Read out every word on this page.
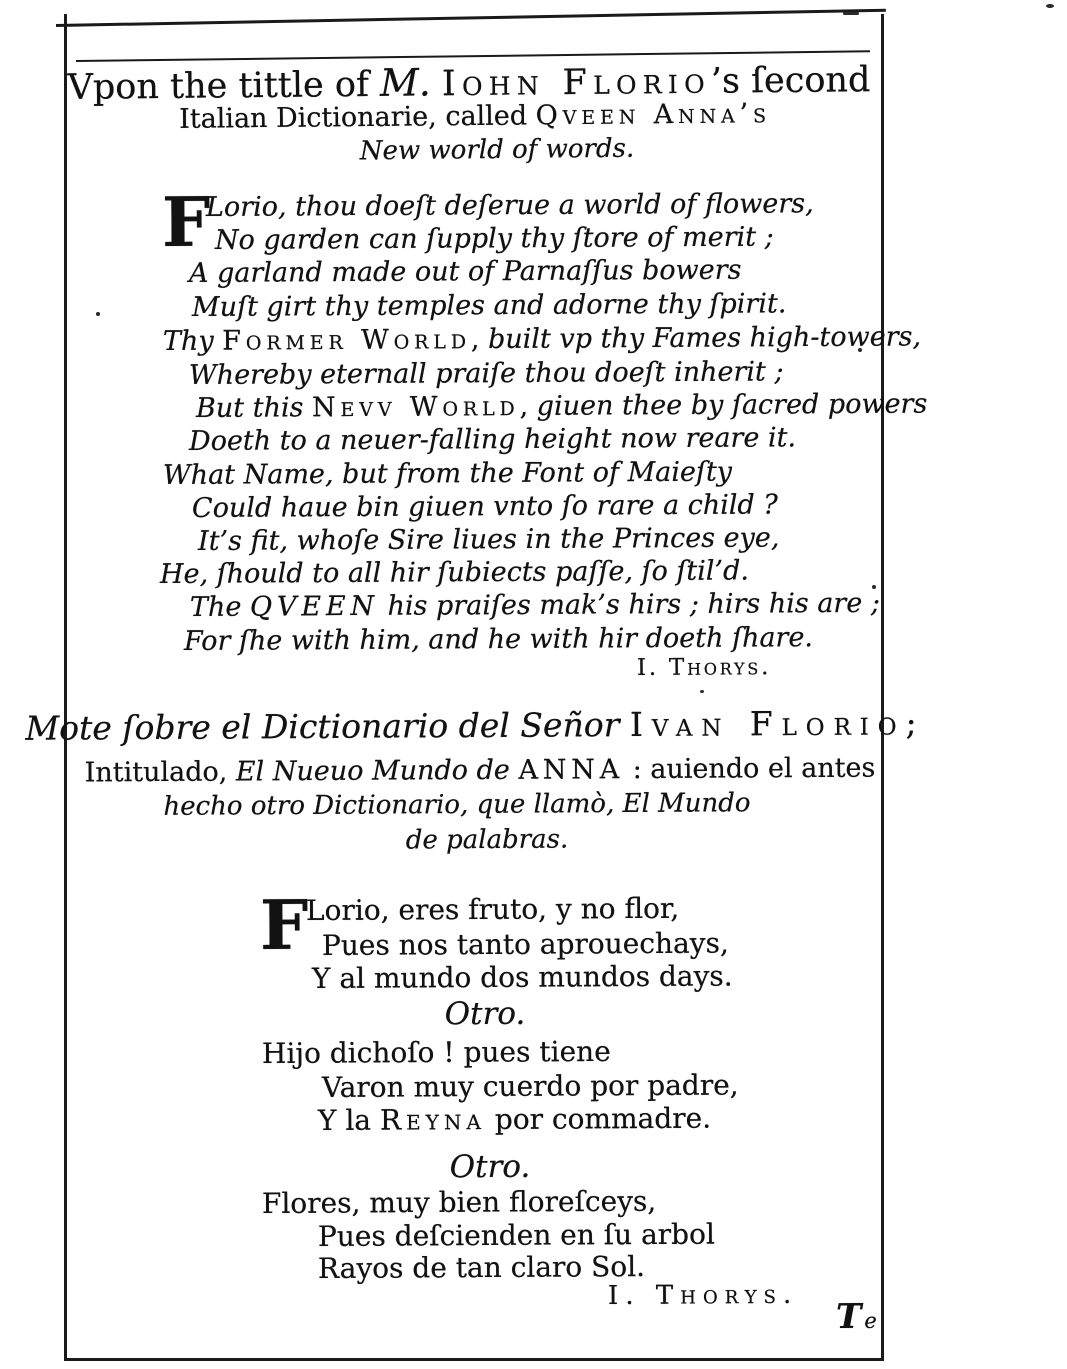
Vpon the tittle of M. Iohn Florio’s ſecond
Italian Dictionarie, called Qveen Anna’s
New world of words.
F
Lorio, thou doeſt deſerue a world of flowers,
No garden can ſupply thy ſtore of merit ;
A garland made out of Parnaſſus bowers
Muſt girt thy temples and adorne thy ſpirit.
Thy Former World, built vp thy Fames high-towers,
Whereby eternall praiſe thou doeſt inherit ;
But this Nevv World, giuen thee by ſacred powers
Doeth to a neuer-falling height now reare it.
What Name, but from the Font of Maieſty
Could haue bin giuen vnto ſo rare a child ?
It’s fit, whoſe Sire liues in the Princes eye,
He, ſhould to all hir ſubiects paſſe, ſo ſtil’d.
The QVEEN his praiſes mak’s hirs ; hirs his are ;
For ſhe with him, and he with hir doeth ſhare.
I. Thorys.
Mote ſobre el Dictionario del Señor Ivan Florio;
Intitulado, El Nueuo Mundo de ANNA : auiendo el antes
hecho otro Dictionario, que llamò, El Mundo
de palabras.
F
Lorio, eres fruto, y no flor,
Pues nos tanto aprouechays,
Y al mundo dos mundos days.
Otro.
Hijo dichoſo ! pues tiene
Varon muy cuerdo por padre,
Y la Reyna por commadre.
Otro.
Flores, muy bien floreſceys,
Pues deſcienden en ſu arbol
Rayos de tan claro Sol.
I. Thorys.
Te
